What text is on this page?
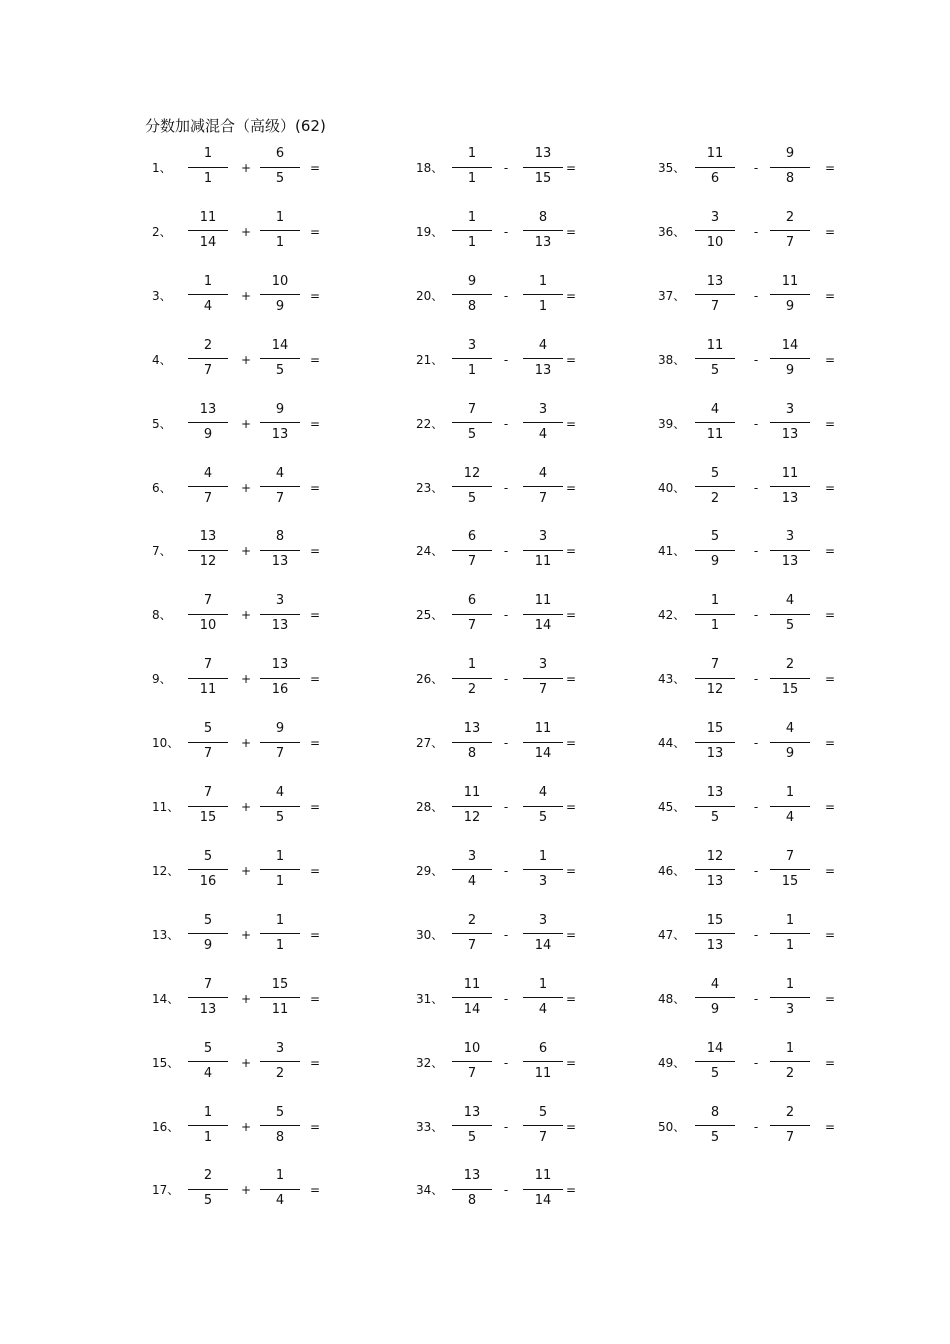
分数加减混合（高级）(62)
1、
1
1
+
6
5
=
2、
11
14
+
1
1
=
3、
1
4
+
10
9
=
4、
2
7
+
14
5
=
5、
13
9
+
9
13
=
6、
4
7
+
4
7
=
7、
13
12
+
8
13
=
8、
7
10
+
3
13
=
9、
7
11
+
13
16
=
10、
5
7
+
9
7
=
11、
7
15
+
4
5
=
12、
5
16
+
1
1
=
13、
5
9
+
1
1
=
14、
7
13
+
15
11
=
15、
5
4
+
3
2
=
16、
1
1
+
5
8
=
17、
2
5
+
1
4
=
18、
1
1
-
13
15
=
19、
1
1
-
8
13
=
20、
9
8
-
1
1
=
21、
3
1
-
4
13
=
22、
7
5
-
3
4
=
23、
12
5
-
4
7
=
24、
6
7
-
3
11
=
25、
6
7
-
11
14
=
26、
1
2
-
3
7
=
27、
13
8
-
11
14
=
28、
11
12
-
4
5
=
29、
3
4
-
1
3
=
30、
2
7
-
3
14
=
31、
11
14
-
1
4
=
32、
10
7
-
6
11
=
33、
13
5
-
5
7
=
34、
13
8
-
11
14
=
35、
11
6
-
9
8
=
36、
3
10
-
2
7
=
37、
13
7
-
11
9
=
38、
11
5
-
14
9
=
39、
4
11
-
3
13
=
40、
5
2
-
11
13
=
41、
5
9
-
3
13
=
42、
1
1
-
4
5
=
43、
7
12
-
2
15
=
44、
15
13
-
4
9
=
45、
13
5
-
1
4
=
46、
12
13
-
7
15
=
47、
15
13
-
1
1
=
48、
4
9
-
1
3
=
49、
14
5
-
1
2
=
50、
8
5
-
2
7
=
